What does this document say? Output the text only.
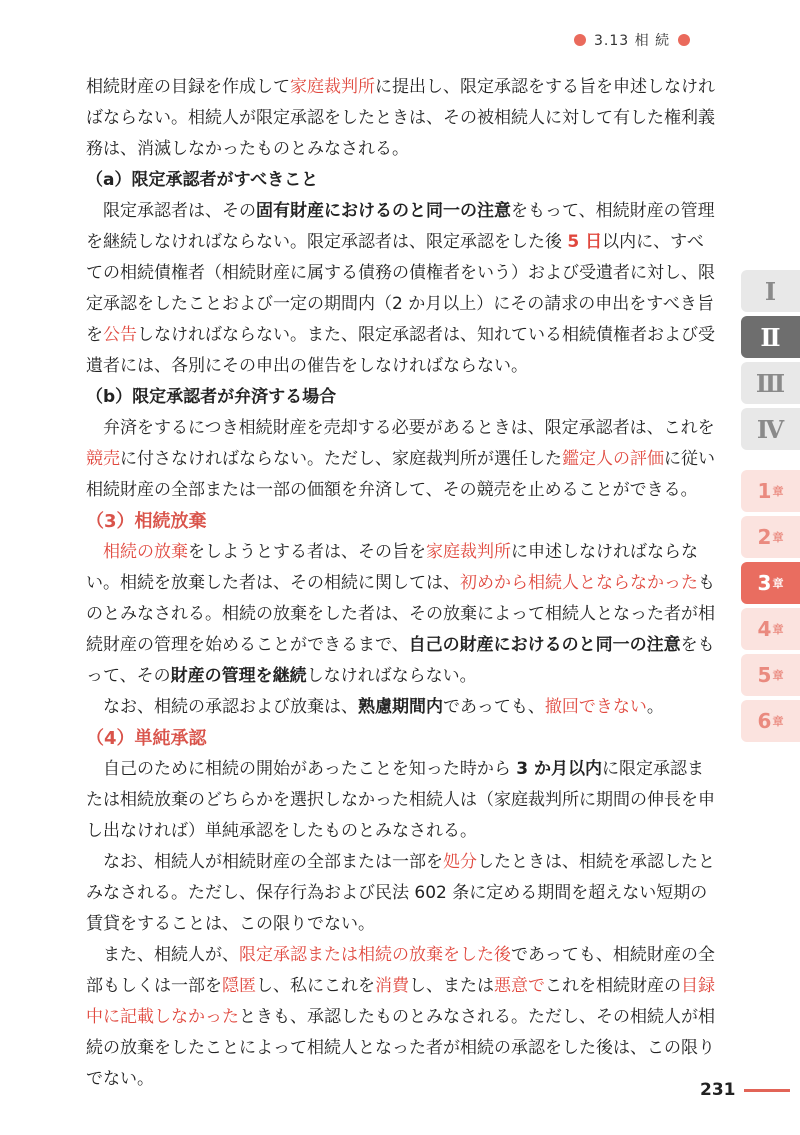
3.13 相 続

相続財産の目録を作成して家庭裁判所に提出し、限定承認をする旨を申述しなければならない。相続人が限定承認をしたときは、その被相続人に対して有した権利義務は、消滅しなかったものとみなされる。

（a）限定承認者がすべきこと

限定承認者は、その固有財産におけるのと同一の注意をもって、相続財産の管理を継続しなければならない。限定承認者は、限定承認をした後 5 日以内に、すべての相続債権者（相続財産に属する債務の債権者をいう）および受遺者に対し、限定承認をしたことおよび一定の期間内（2 か月以上）にその請求の申出をすべき旨を公告しなければならない。また、限定承認者は、知れている相続債権者および受遺者には、各別にその申出の催告をしなければならない。

（b）限定承認者が弁済する場合

弁済をするにつき相続財産を売却する必要があるときは、限定承認者は、これを競売に付さなければならない。ただし、家庭裁判所が選任した鑑定人の評価に従い相続財産の全部または一部の価額を弁済して、その競売を止めることができる。

（3）相続放棄

相続の放棄をしようとする者は、その旨を家庭裁判所に申述しなければならない。相続を放棄した者は、その相続に関しては、初めから相続人とならなかったものとみなされる。相続の放棄をした者は、その放棄によって相続人となった者が相続財産の管理を始めることができるまで、自己の財産におけるのと同一の注意をもって、その財産の管理を継続しなければならない。

なお、相続の承認および放棄は、熟慮期間内であっても、撤回できない。

（4）単純承認

自己のために相続の開始があったことを知った時から 3 か月以内に限定承認または相続放棄のどちらかを選択しなかった相続人は（家庭裁判所に期間の伸長を申し出なければ）単純承認をしたものとみなされる。

なお、相続人が相続財産の全部または一部を処分したときは、相続を承認したとみなされる。ただし、保存行為および民法 602 条に定める期間を超えない短期の賃貸をすることは、この限りでない。

また、相続人が、限定承認または相続の放棄をした後であっても、相続財産の全部もしくは一部を隠匿し、私にこれを消費し、または悪意でこれを相続財産の目録中に記載しなかったときも、承認したものとみなされる。ただし、その相続人が相続の放棄をしたことによって相続人となった者が相続の承認をした後は、この限りでない。

Ⅰ
Ⅱ
Ⅲ
Ⅳ
1 章
2 章
3 章
4 章
5 章
6 章
231
